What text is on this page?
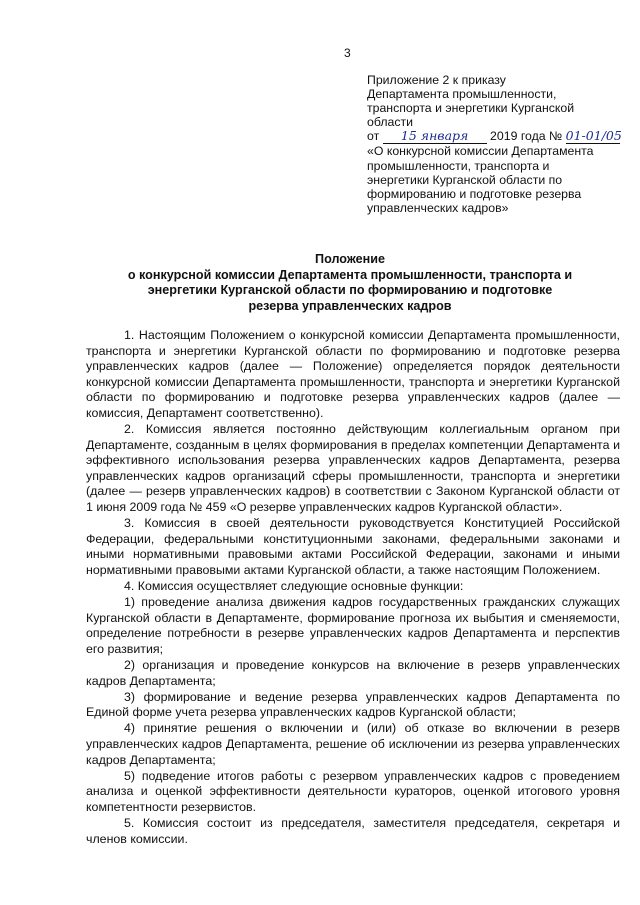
3
Приложение 2 к приказу
Департамента промышленности,
транспорта и энергетики Курганской
области
от 15 января 2019 года № 01-01/05
«О конкурсной комиссии Департамента
промышленности, транспорта и
энергетики Курганской области по
формированию и подготовке резерва
управленческих кадров»
Положение
о конкурсной комиссии Департамента промышленности, транспорта и
энергетики Курганской области по формированию и подготовке
резерва управленческих кадров

1. Настоящим Положением о конкурсной комиссии Департамента промышленности, транспорта и энергетики Курганской области по формированию и подготовке резерва управленческих кадров (далее — Положение) определяется порядок деятельности конкурсной комиссии Департамента промышленности, транспорта и энергетики Курганской области по формированию и подготовке резерва управленческих кадров (далее — комиссия, Департамент соответственно).

2. Комиссия является постоянно действующим коллегиальным органом при Департаменте, созданным в целях формирования в пределах компетенции Департамента и эффективного использования резерва управленческих кадров Департамента, резерва управленческих кадров организаций сферы промышленности, транспорта и энергетики (далее — резерв управленческих кадров) в соответствии с Законом Курганской области от 1 июня 2009 года № 459 «О резерве управленческих кадров Курганской области».

3. Комиссия в своей деятельности руководствуется Конституцией Российской Федерации, федеральными конституционными законами, федеральными законами и иными нормативными правовыми актами Российской Федерации, законами и иными нормативными правовыми актами Курганской области, а также настоящим Положением.

4. Комиссия осуществляет следующие основные функции:

1) проведение анализа движения кадров государственных гражданских служащих Курганской области в Департаменте, формирование прогноза их выбытия и сменяемости, определение потребности в резерве управленческих кадров Департамента и перспектив его развития;

2) организация и проведение конкурсов на включение в резерв управленческих кадров Департамента;

3) формирование и ведение резерва управленческих кадров Департамента по Единой форме учета резерва управленческих кадров Курганской области;

4) принятие решения о включении и (или) об отказе во включении в резерв управленческих кадров Департамента, решение об исключении из резерва управленческих кадров Департамента;

5) подведение итогов работы с резервом управленческих кадров с проведением анализа и оценкой эффективности деятельности кураторов, оценкой итогового уровня компетентности резервистов.

5. Комиссия состоит из председателя, заместителя председателя, секретаря и членов комиссии.
